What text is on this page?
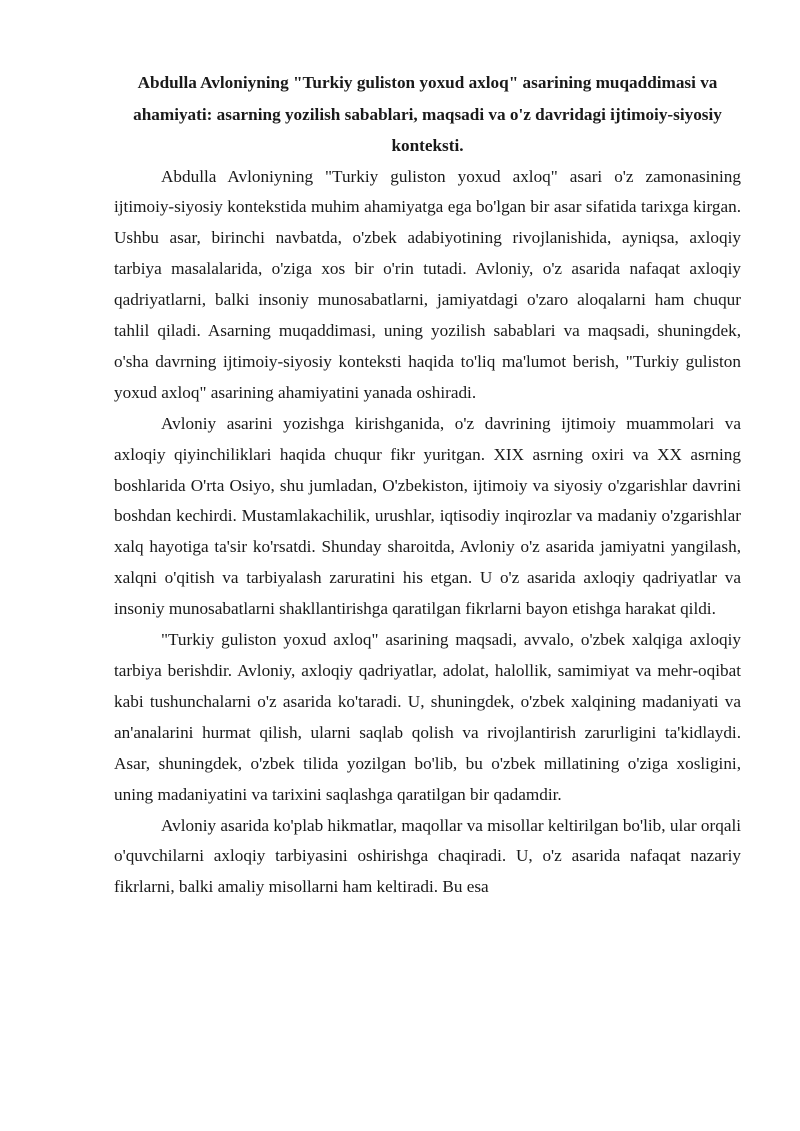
Abdulla Avloniyning "Turkiy guliston yoxud axloq" asarining muqaddimasi va ahamiyati: asarning yozilish sabablari, maqsadi va o'z davridagi ijtimoiy-siyosiy konteksti.

Abdulla Avloniyning "Turkiy guliston yoxud axloq" asari o'z zamonasining ijtimoiy-siyosiy kontekstida muhim ahamiyatga ega bo'lgan bir asar sifatida tarixga kirgan. Ushbu asar, birinchi navbatda, o'zbek adabiyotining rivojlanishida, ayniqsa, axloqiy tarbiya masalalarida, o'ziga xos bir o'rin tutadi. Avloniy, o'z asarida nafaqat axloqiy qadriyatlarni, balki insoniy munosabatlarni, jamiyatdagi o'zaro aloqalarni ham chuqur tahlil qiladi. Asarning muqaddimasi, uning yozilish sabablari va maqsadi, shuningdek, o'sha davrning ijtimoiy-siyosiy konteksti haqida to'liq ma'lumot berish, "Turkiy guliston yoxud axloq" asarining ahamiyatini yanada oshiradi.

Avloniy asarini yozishga kirishganida, o'z davrining ijtimoiy muammolari va axloqiy qiyinchiliklari haqida chuqur fikr yuritgan. XIX asrning oxiri va XX asrning boshlarida O'rta Osiyo, shu jumladan, O'zbekiston, ijtimoiy va siyosiy o'zgarishlar davrini boshdan kechirdi. Mustamlakachilik, urushlar, iqtisodiy inqirozlar va madaniy o'zgarishlar xalq hayotiga ta'sir ko'rsatdi. Shunday sharoitda, Avloniy o'z asarida jamiyatni yangilash, xalqni o'qitish va tarbiyalash zaruratini his etgan. U o'z asarida axloqiy qadriyatlar va insoniy munosabatlarni shakllantirishga qaratilgan fikrlarni bayon etishga harakat qildi.

"Turkiy guliston yoxud axloq" asarining maqsadi, avvalo, o'zbek xalqiga axloqiy tarbiya berishdir. Avloniy, axloqiy qadriyatlar, adolat, halollik, samimiyat va mehr-oqibat kabi tushunchalarni o'z asarida ko'taradi. U, shuningdek, o'zbek xalqining madaniyati va an'analarini hurmat qilish, ularni saqlab qolish va rivojlantirish zarurligini ta'kidlaydi. Asar, shuningdek, o'zbek tilida yozilgan bo'lib, bu o'zbek millatining o'ziga xosligini, uning madaniyatini va tarixini saqlashga qaratilgan bir qadamdir.

Avloniy asarida ko'plab hikmatlar, maqollar va misollar keltirilgan bo'lib, ular orqali o'quvchilarni axloqiy tarbiyasini oshirishga chaqiradi. U, o'z asarida nafaqat nazariy fikrlarni, balki amaliy misollarni ham keltiradi. Bu esa
